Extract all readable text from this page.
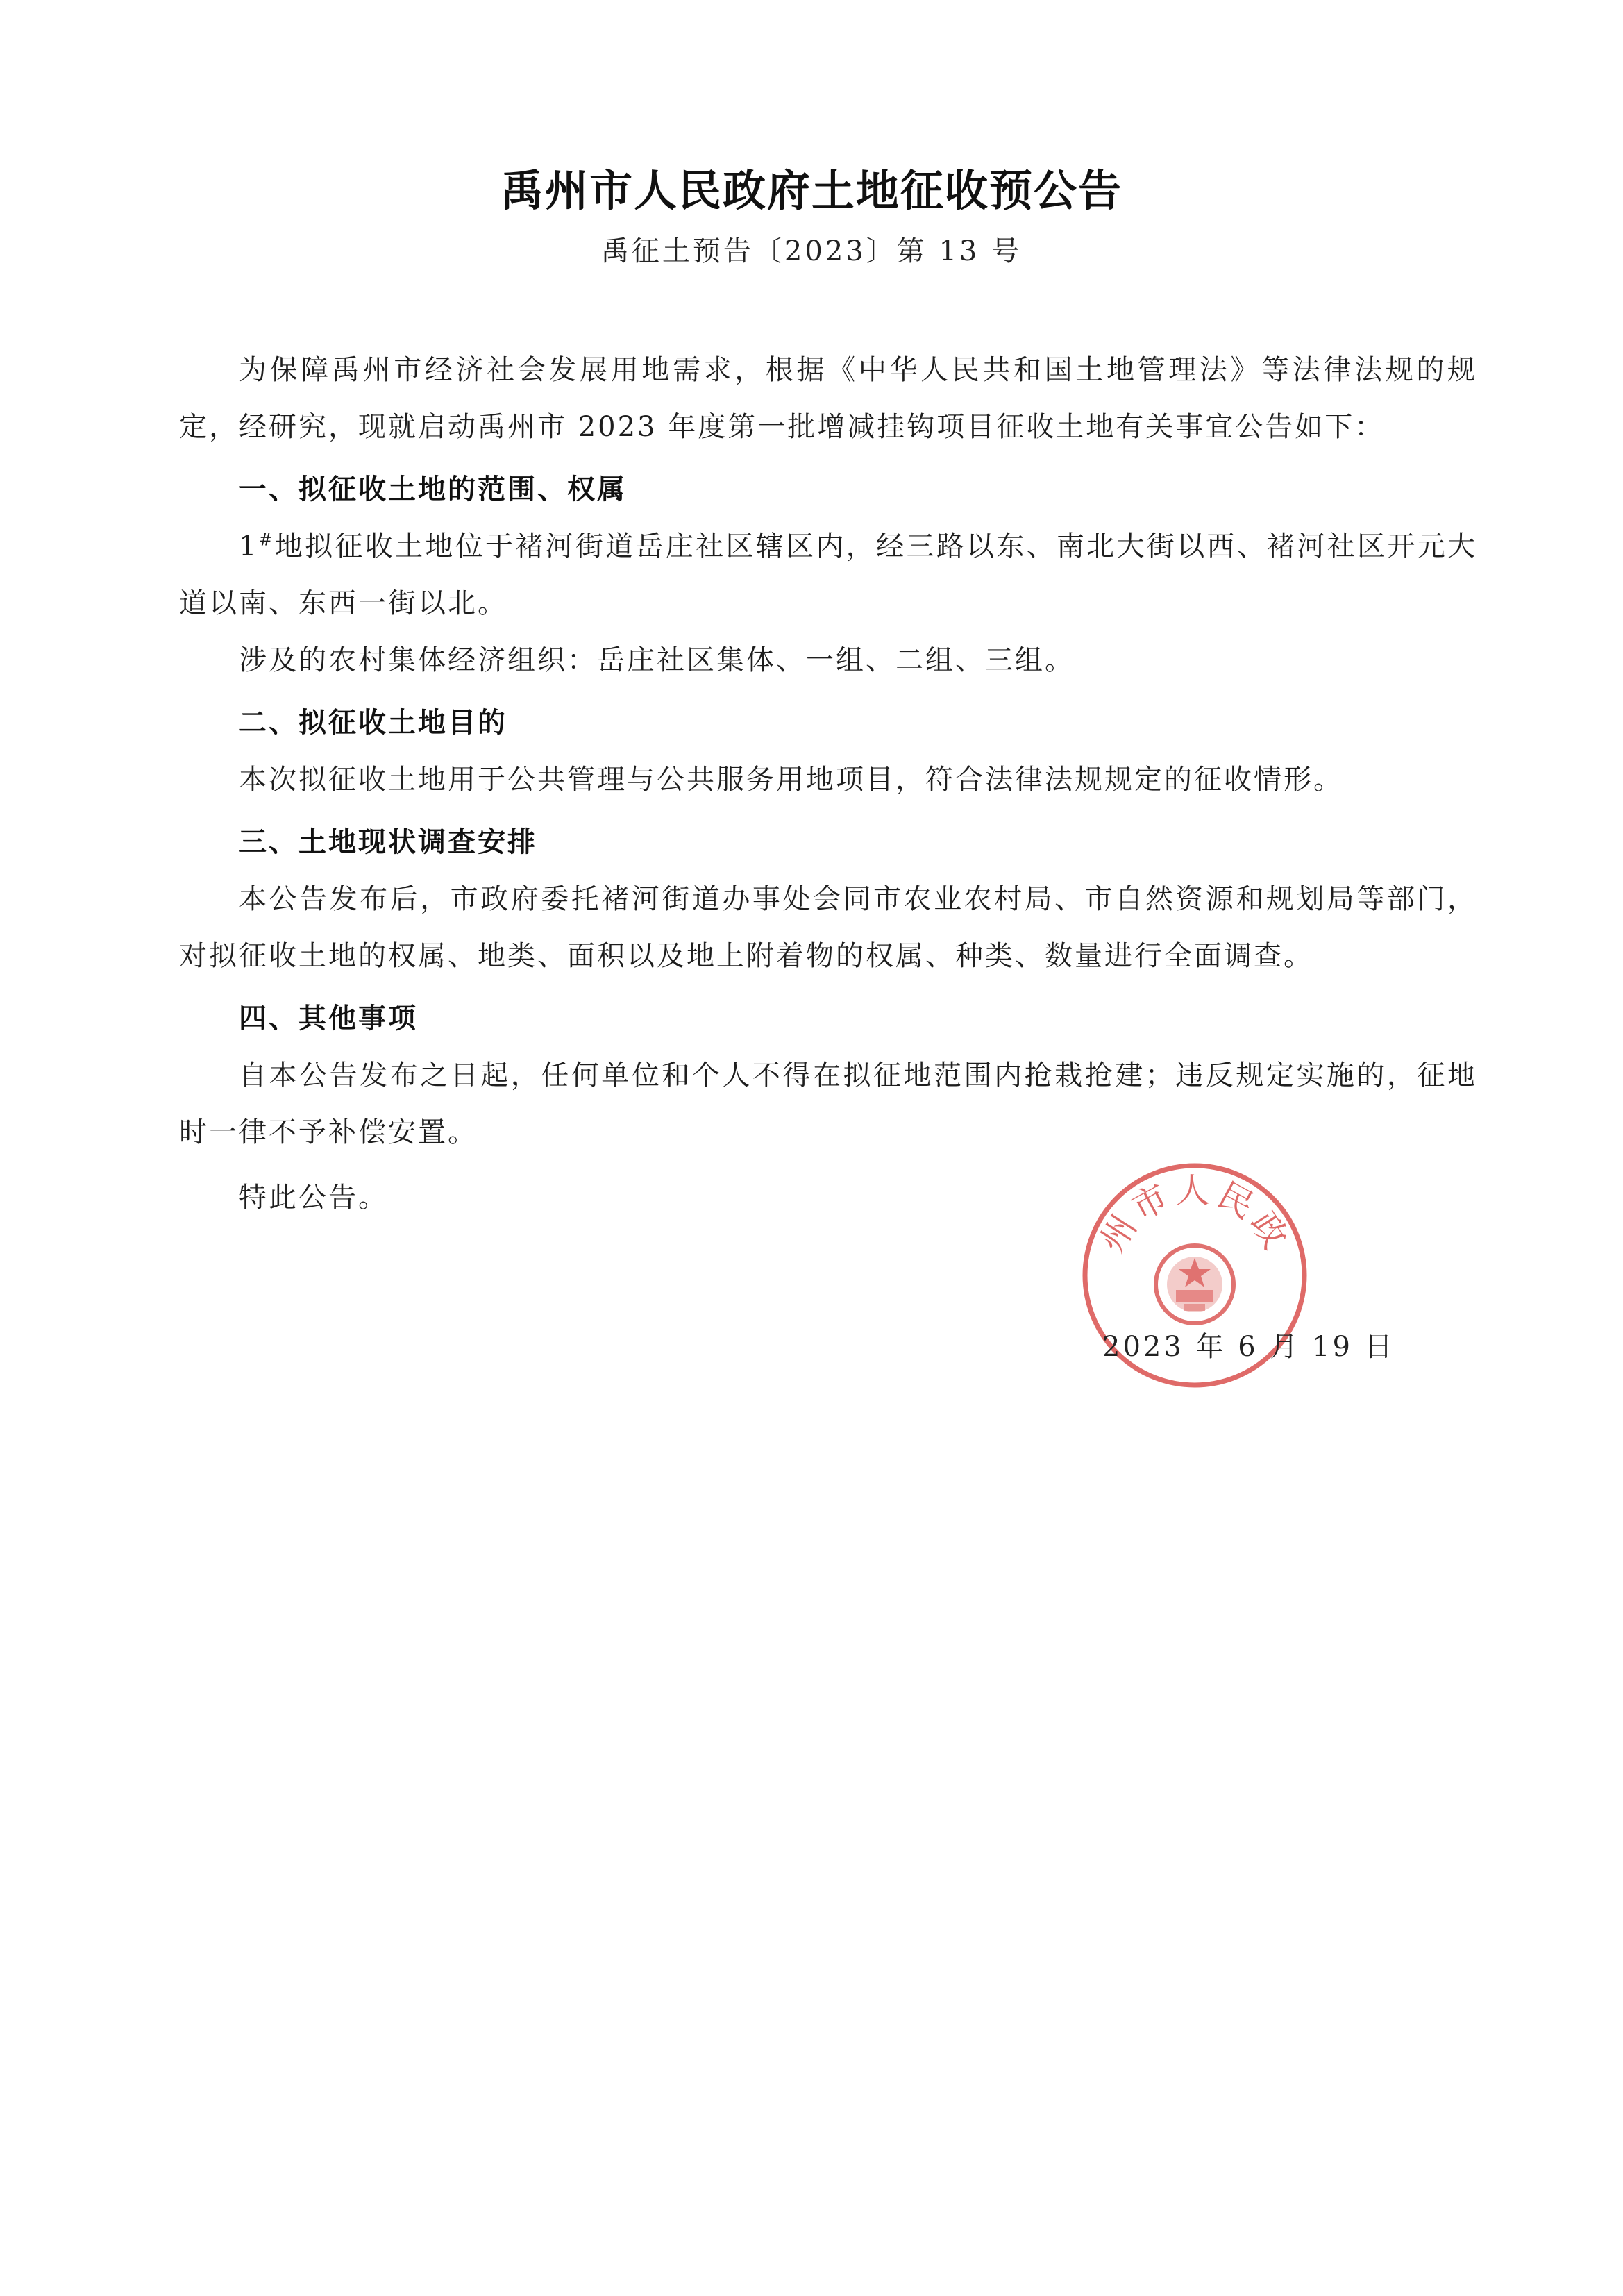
禹州市人民政府土地征收预公告
禹征土预告〔2023〕第 13 号

为保障禹州市经济社会发展用地需求，根据《中华人民共和国土地管理法》等法律法规的规定，经研究，现就启动禹州市 2023 年度第一批增减挂钩项目征收土地有关事宜公告如下：

一、拟征收土地的范围、权属

1#地拟征收土地位于褚河街道岳庄社区辖区内，经三路以东、南北大街以西、褚河社区开元大道以南、东西一街以北。

涉及的农村集体经济组织：岳庄社区集体、一组、二组、三组。

二、拟征收土地目的

本次拟征收土地用于公共管理与公共服务用地项目，符合法律法规规定的征收情形。

三、土地现状调查安排

本公告发布后，市政府委托褚河街道办事处会同市农业农村局、市自然资源和规划局等部门，对拟征收土地的权属、地类、面积以及地上附着物的权属、种类、数量进行全面调查。

四、其他事项

自本公告发布之日起，任何单位和个人不得在拟征地范围内抢栽抢建；违反规定实施的，征地时一律不予补偿安置。

特此公告。

州市人民政
2023 年 6 月 19 日
